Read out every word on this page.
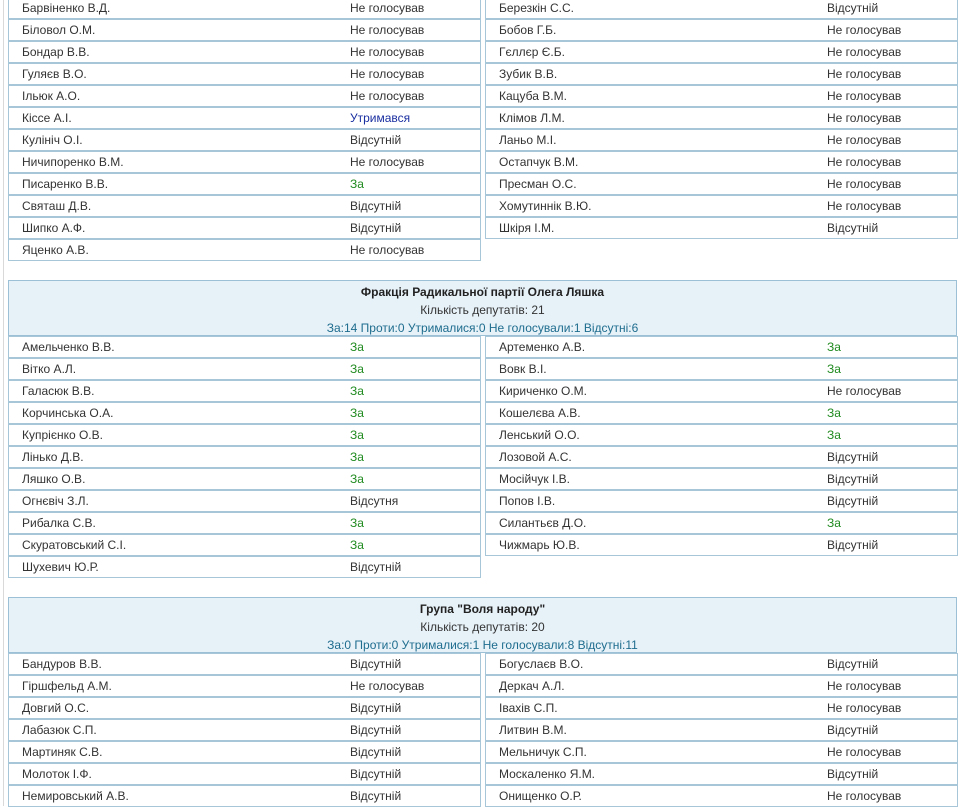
Барвіненко В.Д.	Не голосував	Березкін С.С.	Відсутній
Біловол О.М.	Не голосував	Бобов Г.Б.	Не голосував
Бондар В.В.	Не голосував	Гєллєр Є.Б.	Не голосував
Гуляєв В.О.	Не голосував	Зубик В.В.	Не голосував
Ільюк А.О.	Не голосував	Кацуба В.М.	Не голосував
Кіссе А.І.	Утримався	Клімов Л.М.	Не голосував
Кулініч О.І.	Відсутній	Ланьо М.І.	Не голосував
Ничипоренко В.М.	Не голосував	Остапчук В.М.	Не голосував
Писаренко В.В.	За	Пресман О.С.	Не голосував
Святаш Д.В.	Відсутній	Хомутиннік В.Ю.	Не голосував
Шипко А.Ф.	Відсутній	Шкіря І.М.	Відсутній
Яценко А.В.	Не голосував
Фракція Радикальної партії Олега Ляшка
Кількість депутатів: 21
За:14 Проти:0 Утрималися:0 Не голосували:1 Відсутні:6
Амельченко В.В.	За	Артеменко А.В.	За
Вітко А.Л.	За	Вовк В.І.	За
Галасюк В.В.	За	Кириченко О.М.	Не голосував
Корчинська О.А.	За	Кошелєва А.В.	За
Купрієнко О.В.	За	Ленський О.О.	За
Лінько Д.В.	За	Лозовой А.С.	Відсутній
Ляшко О.В.	За	Мосійчук І.В.	Відсутній
Огнєвіч З.Л.	Відсутня	Попов І.В.	Відсутній
Рибалка С.В.	За	Силантьєв Д.О.	За
Скуратовський С.І.	За	Чижмарь Ю.В.	Відсутній
Шухевич Ю.Р.	Відсутній
Група "Воля народу"
Кількість депутатів: 20
За:0 Проти:0 Утрималися:1 Не голосували:8 Відсутні:11
Бандуров В.В.	Відсутній	Богуслаєв В.О.	Відсутній
Гіршфельд А.М.	Не голосував	Деркач А.Л.	Не голосував
Довгий О.С.	Відсутній	Івахів С.П.	Не голосував
Лабазюк С.П.	Відсутній	Литвин В.М.	Відсутній
Мартиняк С.В.	Відсутній	Мельничук С.П.	Не голосував
Молоток І.Ф.	Відсутній	Москаленко Я.М.	Відсутній
Немировський А.В.	Відсутній	Онищенко О.Р.	Не голосував
